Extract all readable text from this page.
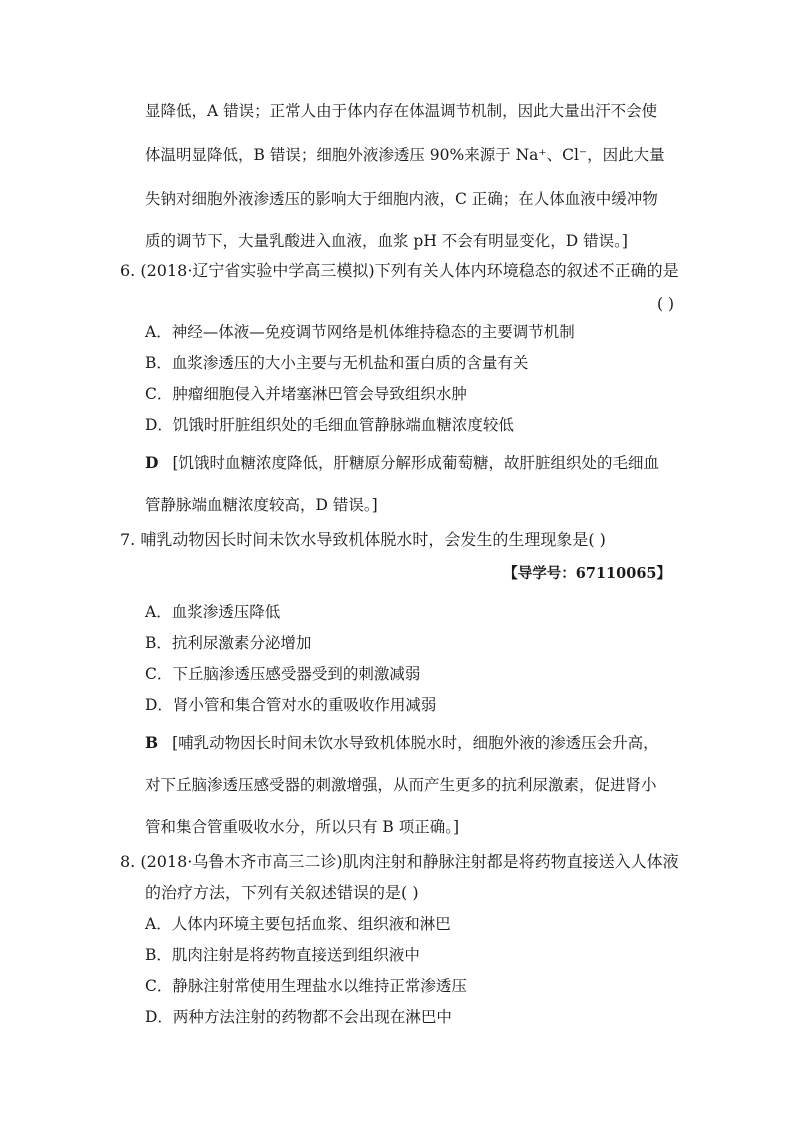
显降低，A 错误；正常人由于体内存在体温调节机制，因此大量出汗不会使
体温明显降低，B 错误；细胞外液渗透压 90%来源于 Na⁺、Cl⁻，因此大量
失钠对细胞外液渗透压的影响大于细胞内液，C 正确；在人体血液中缓冲物
质的调节下，大量乳酸进入血液，血浆 pH 不会有明显变化，D 错误。]
6. (2018·辽宁省实验中学高三模拟)下列有关人体内环境稳态的叙述不正确的是
( )
A．神经—体液—免疫调节网络是机体维持稳态的主要调节机制
B．血浆渗透压的大小主要与无机盐和蛋白质的含量有关
C．肿瘤细胞侵入并堵塞淋巴管会导致组织水肿
D．饥饿时肝脏组织处的毛细血管静脉端血糖浓度较低
D [饥饿时血糖浓度降低，肝糖原分解形成葡萄糖，故肝脏组织处的毛细血
管静脉端血糖浓度较高，D 错误。]
7. 哺乳动物因长时间未饮水导致机体脱水时，会发生的生理现象是( )
【导学号：67110065】
A．血浆渗透压降低
B．抗利尿激素分泌增加
C．下丘脑渗透压感受器受到的刺激减弱
D．肾小管和集合管对水的重吸收作用减弱
B [哺乳动物因长时间未饮水导致机体脱水时，细胞外液的渗透压会升高，
对下丘脑渗透压感受器的刺激增强，从而产生更多的抗利尿激素，促进肾小
管和集合管重吸收水分，所以只有 B 项正确。]
8. (2018·乌鲁木齐市高三二诊)肌肉注射和静脉注射都是将药物直接送入人体液
的治疗方法，下列有关叙述错误的是( )
A．人体内环境主要包括血浆、组织液和淋巴
B．肌肉注射是将药物直接送到组织液中
C．静脉注射常使用生理盐水以维持正常渗透压
D．两种方法注射的药物都不会出现在淋巴中
